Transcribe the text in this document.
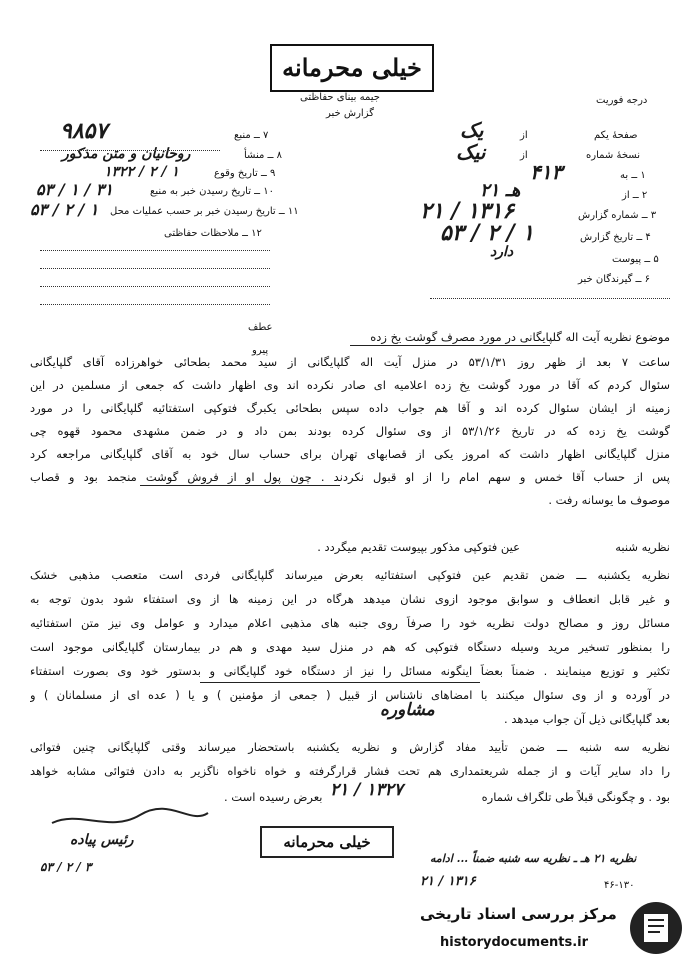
خیلی محرمانه
جیمه بینای حفاظتی
گزارش خبر
درجه فوریت
۷ ــ منبع
۹۸۵۷
۸ ــ منشأ
روحانیان و متن مذکور
۹ ــ تاریخ وقوع
۱۳۲۲ / ۲ / ۱
۱۰ ــ تاریخ رسیدن خبر به منبع
۵۳ / ۱ / ۳۱
۱۱ ــ تاریخ رسیدن خبر بر حسب عملیات محل
۵۳ / ۲ / ۱
۱۲ ــ ملاحظات حفاظتی
صفحهٔ یکم
از
یک
نسخهٔ شماره
از
نیک
۱ ــ به
۴۱۳
۲ ــ از
۲۱ هـ
۳ ــ شماره گزارش
۲۱ / ۱۳۱۶
۴ ــ تاریخ گزارش
۵۳ / ۲ / ۱
۵ ــ پیوست
دارد
۶ ــ گیرندگان خبر
عطف
پیرو
موضوع نظریه آیت اله گلپایگانی در مورد مصرف گوشت یخ زده
ساعت ۷ بعد از ظهر روز ۵۳/۱/۳۱ در منزل آیت اله گلپایگانی از سید محمد بطحائی خواهرزاده آقای گلپایگانی
سئوال کردم که آقا در مورد گوشت یخ زده اعلامیه ای صادر نکرده اند وی اظهار داشت که جمعی از مسلمین در این
زمینه از ایشان سئوال کرده اند و آقا هم جواب داده سپس بطحائی یکبرگ فتوکپی استفتائیه گلپایگانی را در مورد
گوشت یخ زده که در تاریخ ۵۳/۱/۲۶ از وی سئوال کرده بودند بمن داد و در ضمن مشهدی محمود قهوه چی
منزل گلپایگانی اظهار داشت که امروز یکی از قصابهای تهران برای حساب سال خود به آقای گلپایگانی مراجعه کرد
پس از حساب آقا خمس و سهم امام را از او قبول نکردند . چون پول او از فروش گوشت منجمد بود و قصاب
موصوف ما یوسانه رفت .
نظریه شنبه
عین فتوکپی مذکور بپیوست تقدیم میگردد .
نظریه یکشنبه ـــ ضمن تقدیم عین فتوکپی استفتائیه بعرض میرساند گلپایگانی فردی است متعصب مذهبی خشک
و غیر قابل انعطاف و سوابق موجود ازوی نشان میدهد هرگاه در این زمینه ها از وی استفتاء شود بدون توجه به
مسائل روز و مصالح دولت نظریه خود را صرفاً روی جنبه های مذهبی اعلام میدارد و عوامل وی نیز متن استفتائیه
را بمنظور تسخیر مرید وسیله دستگاه فتوکپی که هم در منزل سید مهدی و هم در بیمارستان گلپایگانی موجود است
تکثیر و توزیع مینمایند . ضمناً بعضاً اینگونه مسائل را نیز از دستگاه خود گلپایگانی و بدستور خود وی بصورت استفتاء
در آورده و از وی سئوال میکنند با امضاهای ناشناس از قبیل ( جمعی از مؤمنین ) و یا ( عده ای از مسلمانان ) و
بعد گلپایگانی ذیل آن جواب میدهد .
مشاوره
نظریه سه شنبه ـــ ضمن تأیید مفاد گزارش و نظریه یکشنبه باستحضار میرساند وقتی گلپایگانی چنین فتوائی
را داد سایر آیات و از جمله شریعتمداری هم تحت فشار قرارگرفته و خواه ناخواه ناگزیر به دادن فتوائی مشابه خواهد
بود . و چگونگی قبلاً طی تلگراف شماره
۲۱ / ۱۳۲۷
بعرض رسیده است .
خیلی محرمانه
رئیس پیاده
۵۳ / ۲ / ۳
نظریه ۲۱ هـ ـ نظریه سه شنبه ضمناً ... ادامه
۲۱ / ۱۳۱۶	۴۶-۱۳۰
مرکز بررسی اسناد تاریخی
historydocuments.ir
